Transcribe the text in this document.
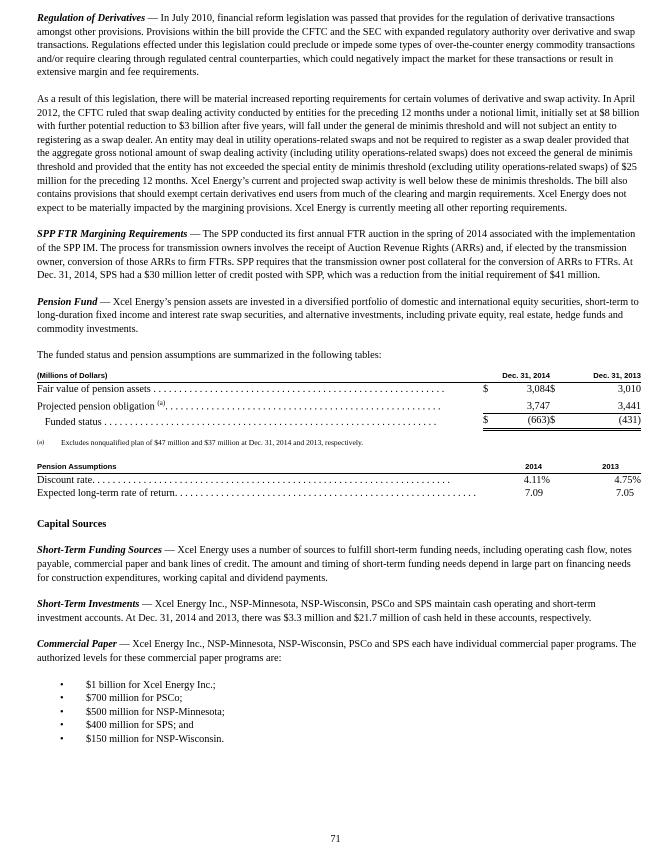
Regulation of Derivatives — In July 2010, financial reform legislation was passed that provides for the regulation of derivative transactions amongst other provisions. Provisions within the bill provide the CFTC and the SEC with expanded regulatory authority over derivative and swap transactions. Regulations effected under this legislation could preclude or impede some types of over-the-counter energy commodity transactions and/or require clearing through regulated central counterparties, which could negatively impact the market for these transactions or result in extensive margin and fee requirements.

As a result of this legislation, there will be material increased reporting requirements for certain volumes of derivative and swap activity. In April 2012, the CFTC ruled that swap dealing activity conducted by entities for the preceding 12 months under a notional limit, initially set at $8 billion with further potential reduction to $3 billion after five years, will fall under the general de minimis threshold and will not subject an entity to registering as a swap dealer. An entity may deal in utility operations-related swaps and not be required to register as a swap dealer provided that the aggregate gross notional amount of swap dealing activity (including utility operations-related swaps) does not exceed the general de minimis threshold and provided that the entity has not exceeded the special entity de minimis threshold (excluding utility operations-related swaps) of $25 million for the preceding 12 months. Xcel Energy’s current and projected swap activity is well below these de minimis thresholds. The bill also contains provisions that should exempt certain derivatives end users from much of the clearing and margin requirements. Xcel Energy does not expect to be materially impacted by the margining provisions. Xcel Energy is currently meeting all other reporting requirements.

SPP FTR Margining Requirements — The SPP conducted its first annual FTR auction in the spring of 2014 associated with the implementation of the SPP IM. The process for transmission owners involves the receipt of Auction Revenue Rights (ARRs) and, if elected by the transmission owner, conversion of those ARRs to firm FTRs. SPP requires that the transmission owner post collateral for the conversion of ARRs to FTRs. At Dec. 31, 2014, SPS had a $30 million letter of credit posted with SPP, which was a reduction from the initial requirement of $41 million.

Pension Fund — Xcel Energy’s pension assets are invested in a diversified portfolio of domestic and international equity securities, short-term to long-duration fixed income and interest rate swap securities, and alternative investments, including private equity, real estate, hedge funds and commodity investments.

The funded status and pension assumptions are summarized in the following tables:

(Millions of Dollars)	Dec. 31, 2014		Dec. 31, 2013	
Fair value of pension assets . . . . . . . . . . . . . . . . . . . . . . . . . . . . . . . . . . . . . . . . . . . . . . . . . . . . . . . . .	$	3,084	$	3,010
Projected pension obligation $^{(a)}$. . . . . . . . . . . . . . . . . . . . . . . . . . . . . . . . . . . . . . . . . . . . . . . . . . . . . .		3,747		3,441
Funded status . . . . . . . . . . . . . . . . . . . . . . . . . . . . . . . . . . . . . . . . . . . . . . . . . . . . . . . . . . . . . . . . .	$	(663)	$	(431)
(a) Excludes nonqualified plan of $47 million and $37 million at Dec. 31, 2014 and 2013, respectively.
Pension Assumptions	2014	2013
Discount rate. . . . . . . . . . . . . . . . . . . . . . . . . . . . . . . . . . . . . . . . . . . . . . . . . . . . . . . . . . . . . . . . . . . . . .	4.11%	4.75%
Expected long-term rate of return. . . . . . . . . . . . . . . . . . . . . . . . . . . . . . . . . . . . . . . . . . . . . . . . . . . . . . . . . . .	7.09	7.05

Capital Sources

Short-Term Funding Sources — Xcel Energy uses a number of sources to fulfill short-term funding needs, including operating cash flow, notes payable, commercial paper and bank lines of credit. The amount and timing of short-term funding needs depend in large part on financing needs for construction expenditures, working capital and dividend payments.

Short-Term Investments — Xcel Energy Inc., NSP-Minnesota, NSP-Wisconsin, PSCo and SPS maintain cash operating and short-term investment accounts. At Dec. 31, 2014 and 2013, there was $3.3 million and $21.7 million of cash held in these accounts, respectively.

Commercial Paper — Xcel Energy Inc., NSP-Minnesota, NSP-Wisconsin, PSCo and SPS each have individual commercial paper programs. The authorized levels for these commercial paper programs are:

• $1 billion for Xcel Energy Inc.;
• $700 million for PSCo;
• $500 million for NSP-Minnesota;
• $400 million for SPS; and
• $150 million for NSP-Wisconsin.
71
